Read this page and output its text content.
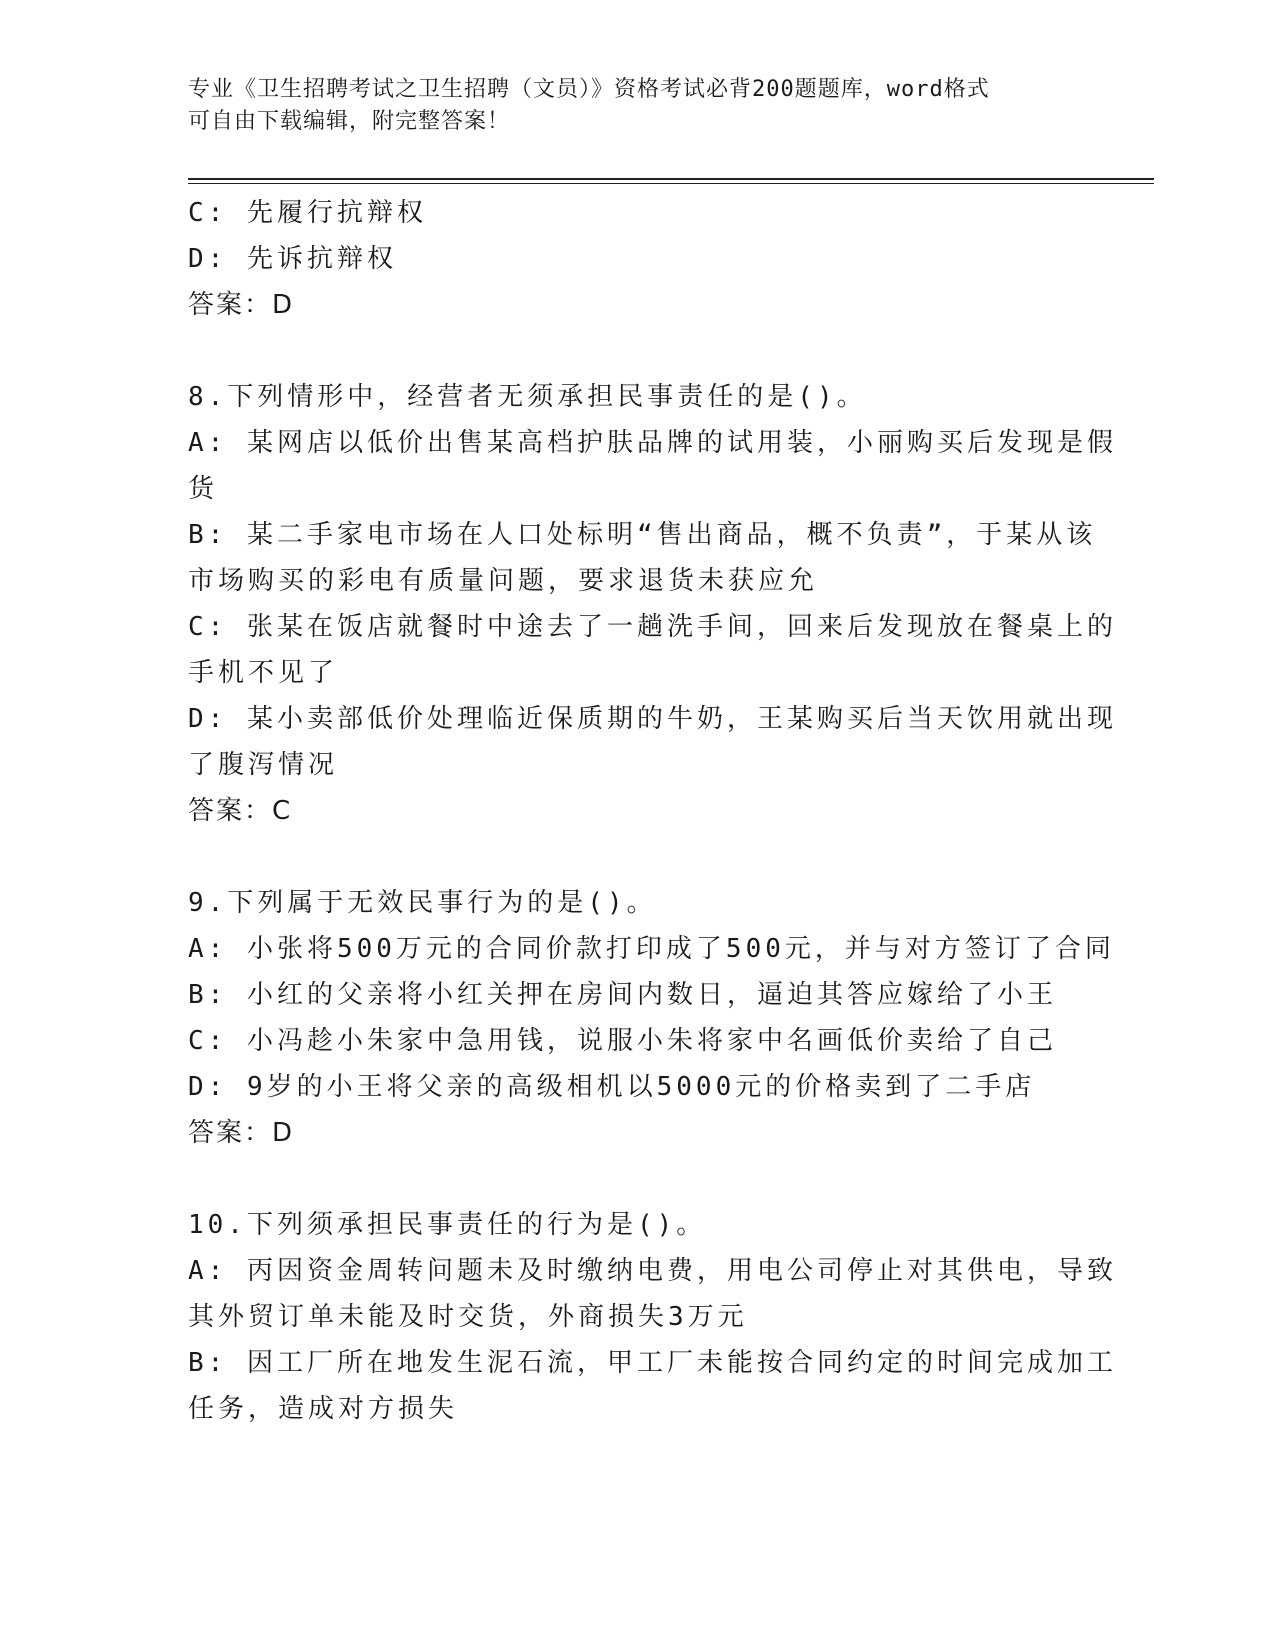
专业《卫生招聘考试之卫生招聘（文员）》资格考试必背200题题库，word格式
可自由下载编辑，附完整答案！
C: 先履行抗辩权
D: 先诉抗辩权
答案：D
8.下列情形中，经营者无须承担民事责任的是()。
A: 某网店以低价出售某高档护肤品牌的试用装，小丽购买后发现是假
货
B: 某二手家电市场在人口处标明“售出商品，概不负责”，于某从该
市场购买的彩电有质量问题，要求退货未获应允
C: 张某在饭店就餐时中途去了一趟洗手间，回来后发现放在餐桌上的
手机不见了
D: 某小卖部低价处理临近保质期的牛奶，王某购买后当天饮用就出现
了腹泻情况
答案：C
9.下列属于无效民事行为的是()。
A: 小张将500万元的合同价款打印成了500元，并与对方签订了合同
B: 小红的父亲将小红关押在房间内数日，逼迫其答应嫁给了小王
C: 小冯趁小朱家中急用钱，说服小朱将家中名画低价卖给了自己
D: 9岁的小王将父亲的高级相机以5000元的价格卖到了二手店
答案：D
10.下列须承担民事责任的行为是()。
A: 丙因资金周转问题未及时缴纳电费，用电公司停止对其供电，导致
其外贸订单未能及时交货，外商损失3万元
B: 因工厂所在地发生泥石流，甲工厂未能按合同约定的时间完成加工
任务，造成对方损失
